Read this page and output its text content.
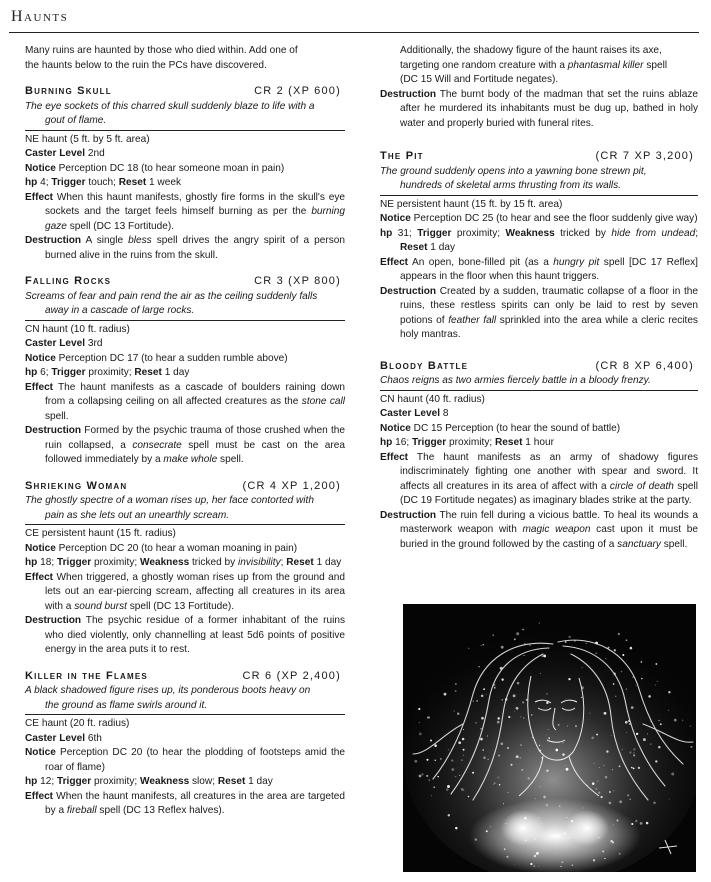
Haunts

Many ruins are haunted by those who died within. Add one of

the haunts below to the ruin the PCs have discovered.

Burning Skull	CR 2 (XP 600)
The eye sockets of this charred skull suddenly blaze to life with a
gout of flame.

NE haunt (5 ft. by 5 ft. area)

Caster Level 2nd

Notice Perception DC 18 (to hear someone moan in pain)

hp 4; Trigger touch; Reset 1 week

Effect When this haunt manifests, ghostly fire forms in the skull's eye sockets and the target feels himself burning as per the burning gaze spell (DC 13 Fortitude).

Destruction A single bless spell drives the angry spirit of a person burned alive in the ruins from the skull.

Falling Rocks	CR 3 (XP 800)
Screams of fear and pain rend the air as the ceiling suddenly falls
away in a cascade of large rocks.

CN haunt (10 ft. radius)

Caster Level 3rd

Notice Perception DC 17 (to hear a sudden rumble above)

hp 6; Trigger proximity; Reset 1 day

Effect The haunt manifests as a cascade of boulders raining down from a collapsing ceiling on all affected creatures as the stone call spell.

Destruction Formed by the psychic trauma of those crushed when the ruin collapsed, a consecrate spell must be cast on the area followed immediately by a make whole spell.

Shrieking Woman	(CR 4 XP 1,200)
The ghostly spectre of a woman rises up, her face contorted with
pain as she lets out an unearthly scream.

CE persistent haunt (15 ft. radius)

Notice Perception DC 20 (to hear a woman moaning in pain)

hp 18; Trigger proximity; Weakness tricked by invisibility; Reset 1 day

Effect When triggered, a ghostly woman rises up from the ground and lets out an ear-piercing scream, affecting all creatures in its area with a sound burst spell (DC 13 Fortitude).

Destruction The psychic residue of a former inhabitant of the ruins who died violently, only channelling at least 5d6 points of positive energy in the area puts it to rest.

Killer in the Flames	CR 6 (XP 2,400)
A black shadowed figure rises up, its ponderous boots heavy on
the ground as flame swirls around it.

CE haunt (20 ft. radius)

Caster Level 6th

Notice Perception DC 20 (to hear the plodding of footsteps amid the roar of flame)

hp 12; Trigger proximity; Weakness slow; Reset 1 day

Effect When the haunt manifests, all creatures in the area are targeted by a fireball spell (DC 13 Reflex halves).

Additionally, the shadowy figure of the haunt raises its axe,

targeting one random creature with a phantasmal killer spell

(DC 15 Will and Fortitude negates).

Destruction The burnt body of the madman that set the ruins ablaze after he murdered its inhabitants must be dug up, bathed in holy water and properly buried with funeral rites.

The Pit	(CR 7 XP 3,200)
The ground suddenly opens into a yawning bone strewn pit,
hundreds of skeletal arms thrusting from its walls.

NE persistent haunt (15 ft. by 15 ft. area)

Notice Perception DC 25 (to hear and see the floor suddenly give way)

hp 31; Trigger proximity; Weakness tricked by hide from undead; Reset 1 day

Effect An open, bone-filled pit (as a hungry pit spell [DC 17 Reflex] appears in the floor when this haunt triggers.

Destruction Created by a sudden, traumatic collapse of a floor in the ruins, these restless spirits can only be laid to rest by seven potions of feather fall sprinkled into the area while a cleric recites holy mantras.

Bloody Battle	(CR 8 XP 6,400)
Chaos reigns as two armies fiercely battle in a bloody frenzy.

CN haunt (40 ft. radius)

Caster Level 8

Notice DC 15 Perception (to hear the sound of battle)

hp 16; Trigger proximity; Reset 1 hour

Effect The haunt manifests as an army of shadowy figures indiscriminately fighting one another with spear and sword. It affects all creatures in its area of affect with a circle of death spell (DC 19 Fortitude negates) as imaginary blades strike at the party.

Destruction The ruin fell during a vicious battle. To heal its wounds a masterwork weapon with magic weapon cast upon it must be buried in the ground followed by the casting of a sanctuary spell.
